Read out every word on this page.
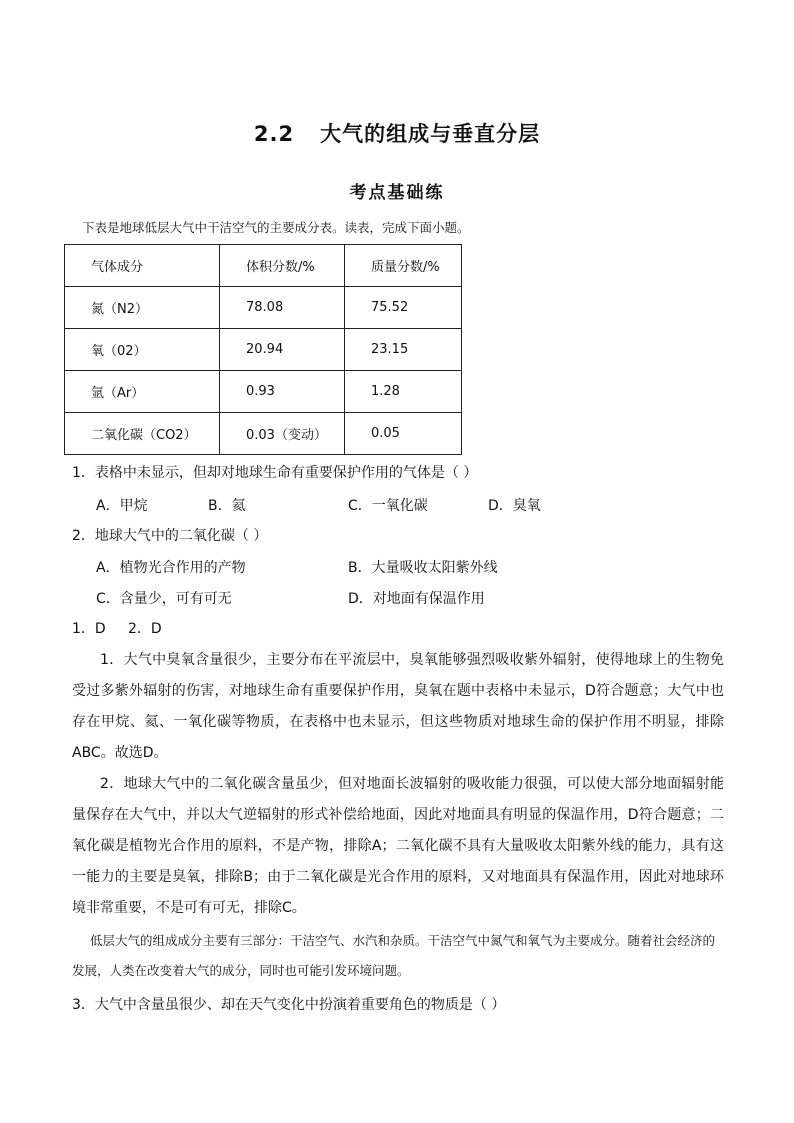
2.2 大气的组成与垂直分层
考点基础练
下表是地球低层大气中干洁空气的主要成分表。读表，完成下面小题。
气体成分	体积分数/%	质量分数/%
氮（N2）	78.08	75.52
氧（02）	20.94	23.15
氩（Ar）	0.93	1.28
二氧化碳（CO2）	0.03（变动）	0.05
1．表格中未显示，但却对地球生命有重要保护作用的气体是（ ）
A．甲烷	B．氦	C．一氧化碳	D．臭氧
2．地球大气中的二氧化碳（ ）
A．植物光合作用的产物	B．大量吸收太阳紫外线
C．含量少，可有可无	D．对地面有保温作用
1．D     2．D

1．大气中臭氧含量很少，主要分布在平流层中，臭氧能够强烈吸收紫外辐射，使得地球上的生物免受过多紫外辐射的伤害，对地球生命有重要保护作用，臭氧在题中表格中未显示，D符合题意；大气中也存在甲烷、氦、一氧化碳等物质，在表格中也未显示，但这些物质对地球生命的保护作用不明显，排除ABC。故选D。

2．地球大气中的二氧化碳含量虽少，但对地面长波辐射的吸收能力很强，可以使大部分地面辐射能量保存在大气中，并以大气逆辐射的形式补偿给地面，因此对地面具有明显的保温作用，D符合题意；二氧化碳是植物光合作用的原料，不是产物，排除A；二氧化碳不具有大量吸收太阳紫外线的能力，具有这一能力的主要是臭氧，排除B；由于二氧化碳是光合作用的原料，又对地面具有保温作用，因此对地球环境非常重要，不是可有可无，排除C。

低层大气的组成成分主要有三部分：干洁空气、水汽和杂质。干洁空气中氮气和氧气为主要成分。随着社会经济的发展，人类在改变着大气的成分，同时也可能引发环境问题。

3．大气中含量虽很少、却在天气变化中扮演着重要角色的物质是（ ）
